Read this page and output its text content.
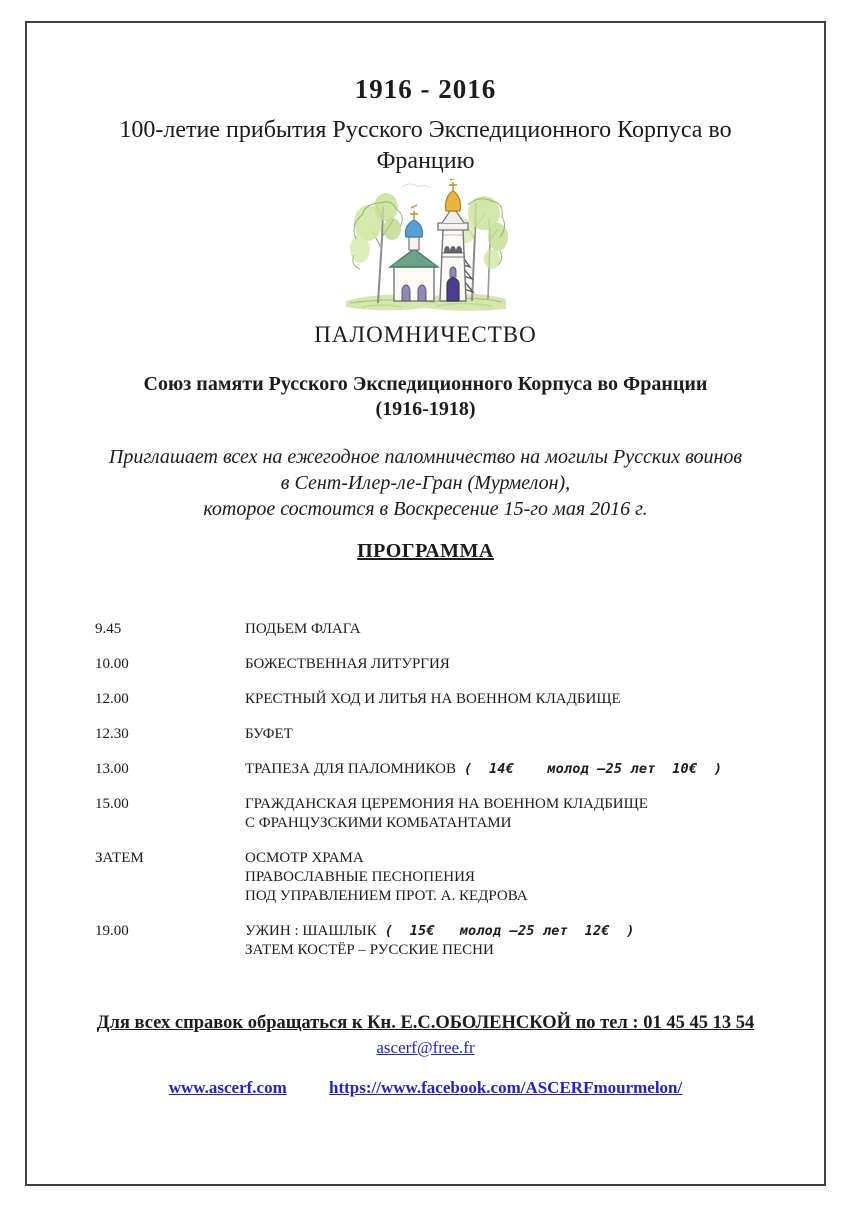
1916 - 2016
100-летие прибытия Русского Экспедиционного Корпуса во
Францию
ПАЛОМНИЧЕСТВО
Союз памяти Русского Экспедиционного Корпуса во Франции
(1916-1918)
Приглашает всех на ежегодное паломничество на могилы Русских воинов
в Сент-Илер-ле-Гран (Мурмелон),
которое состоится в Воскресение 15-го мая 2016 г.
ПРОГРАММА
9.45	ПОДЬЕМ ФЛАГА
10.00	БОЖЕСТВЕННАЯ ЛИТУРГИЯ
12.00	КРЕСТНЫЙ ХОД И ЛИТЬЯ НА ВОЕННОМ КЛАДБИЩЕ
12.30	БУФЕТ
13.00	ТРАПЕЗА ДЛЯ ПАЛОМНИКОВ (  14€    молод –25 лет  10€  )
15.00	ГРАЖДАНСКАЯ ЦЕРЕМОНИЯ НА ВОЕННОМ КЛАДБИЩЕ
С ФРАНЦУЗСКИМИ КОМБАТАНТАМИ
ЗАТЕМ	ОСМОТР ХРАМА
ПРАВОСЛАВНЫЕ ПЕСНОПЕНИЯ
ПОД УПРАВЛЕНИЕМ ПРОТ. А. КЕДРОВА
19.00	УЖИН : ШАШЛЫК (  15€   молод –25 лет  12€  )
ЗАТЕМ КОСТЁР – РУССКИЕ ПЕСНИ
Для всех справок обращаться к Кн. Е.С.ОБОЛЕНСКОЙ по тел : 01 45 45 13 54
ascerf@free.fr
www.ascerf.com https://www.facebook.com/ASCERFmourmelon/
